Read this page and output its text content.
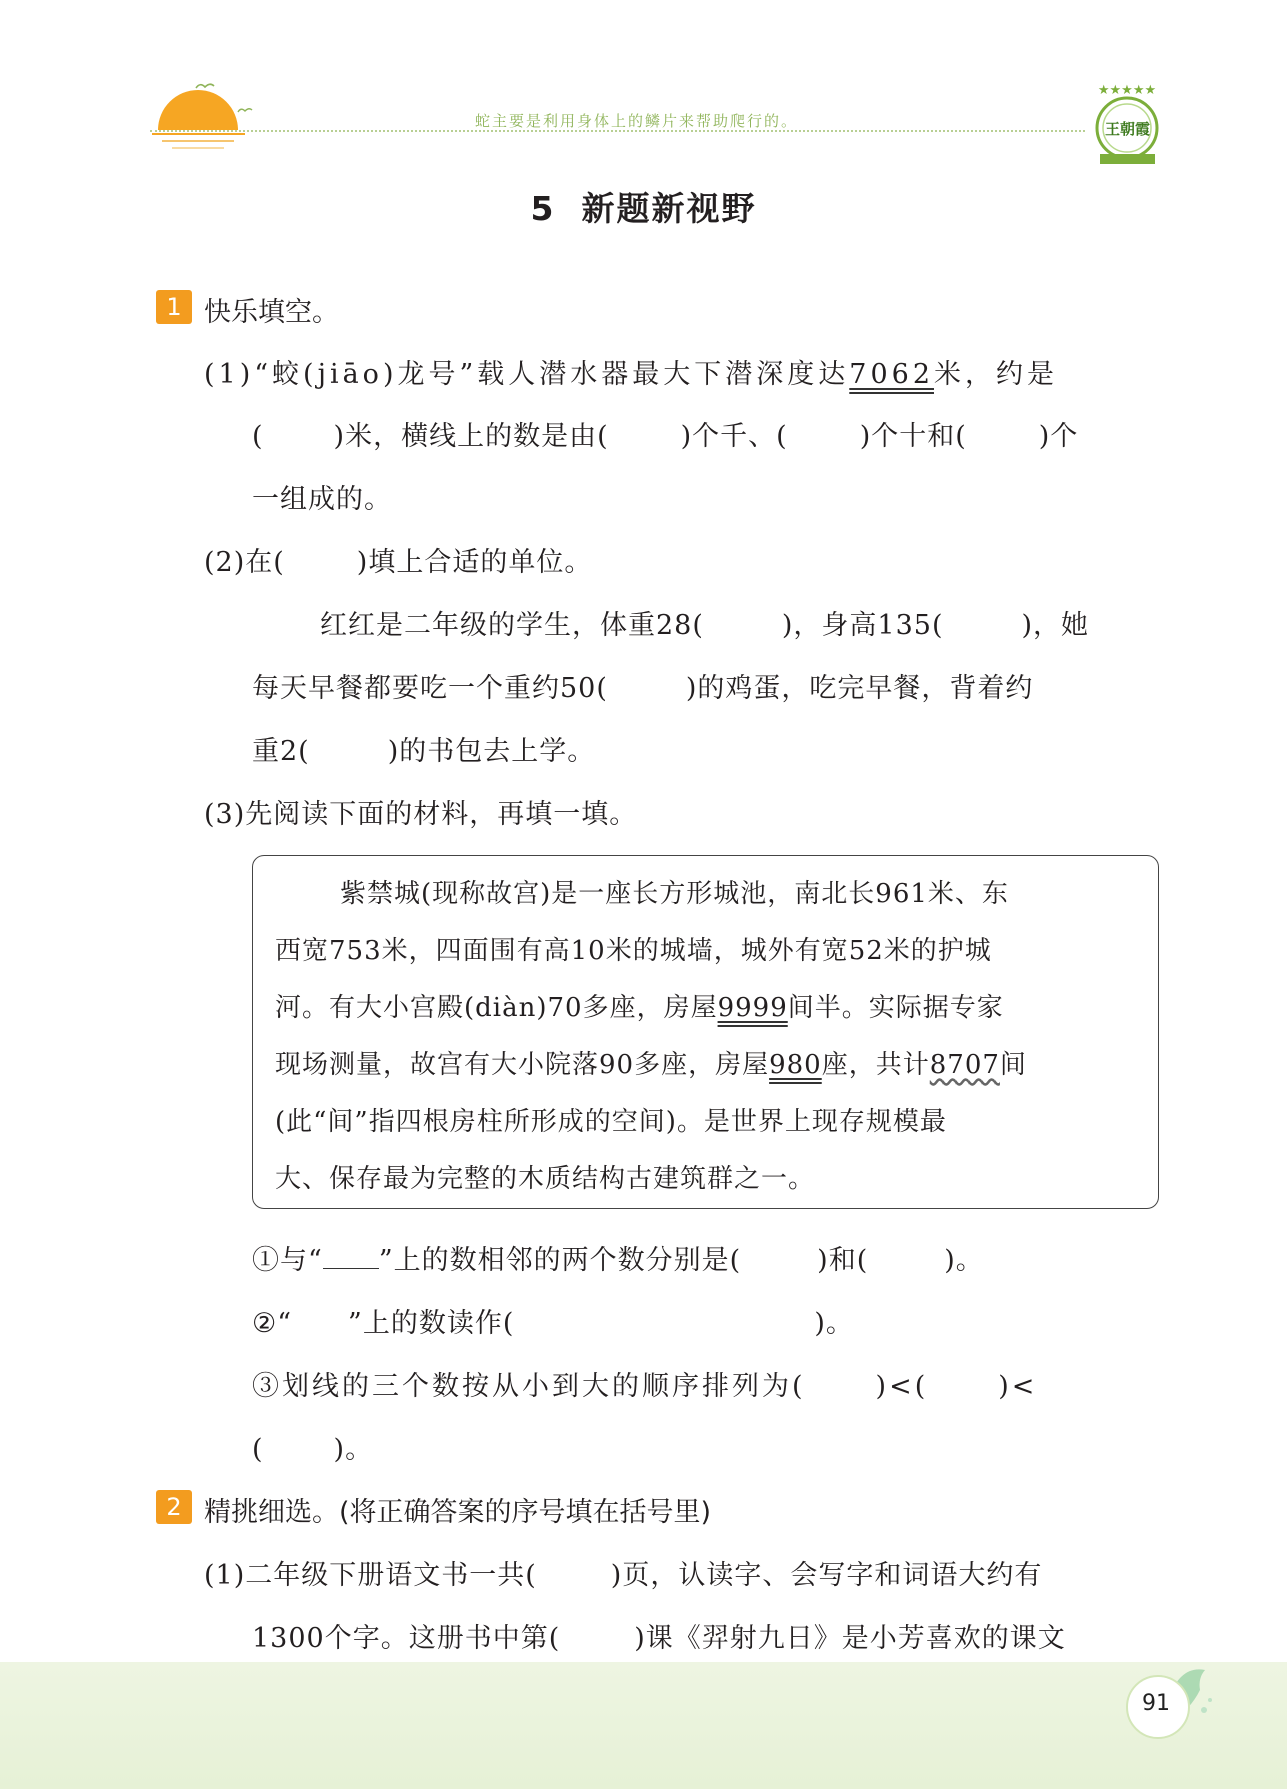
蛇主要是利用身体上的鳞片来帮助爬行的。
★★★★★
王朝霞
5 新题新视野
1 快乐填空。
(1)“蛟(jiāo)龙号”载人潜水器最大下潜深度达7062米，约是
(	)米，横线上的数是由(	)个千、(	)个十和(	)个
一组成的。
(2)在(	)填上合适的单位。
红红是二年级的学生，体重28(	)，身高135(	)，她
每天早餐都要吃一个重约50(	)的鸡蛋，吃完早餐，背着约
重2(	)的书包去上学。
(3)先阅读下面的材料，再填一填。
紫禁城(现称故宫)是一座长方形城池，南北长961米、东
西宽753米，四面围有高10米的城墙，城外有宽52米的护城
河。有大小宫殿(diàn)70多座，房屋9999间半。实际据专家
现场测量，故宫有大小院落90多座，房屋980座，共计8707间
(此“间”指四根房柱所形成的空间)。是世界上现存规模最
大、保存最为完整的木质结构古建筑群之一。
①与“ ”上的数相邻的两个数分别是(	)和(	)。
②“ ”上的数读作(	)。
③划线的三个数按从小到大的顺序排列为(	)<(	)<
(	)。
2 精挑细选。(将正确答案的序号填在括号里)
(1)二年级下册语文书一共(	)页，认读字、会写字和词语大约有
1300个字。这册书中第(	)课《羿射九日》是小芳喜欢的课文
91
